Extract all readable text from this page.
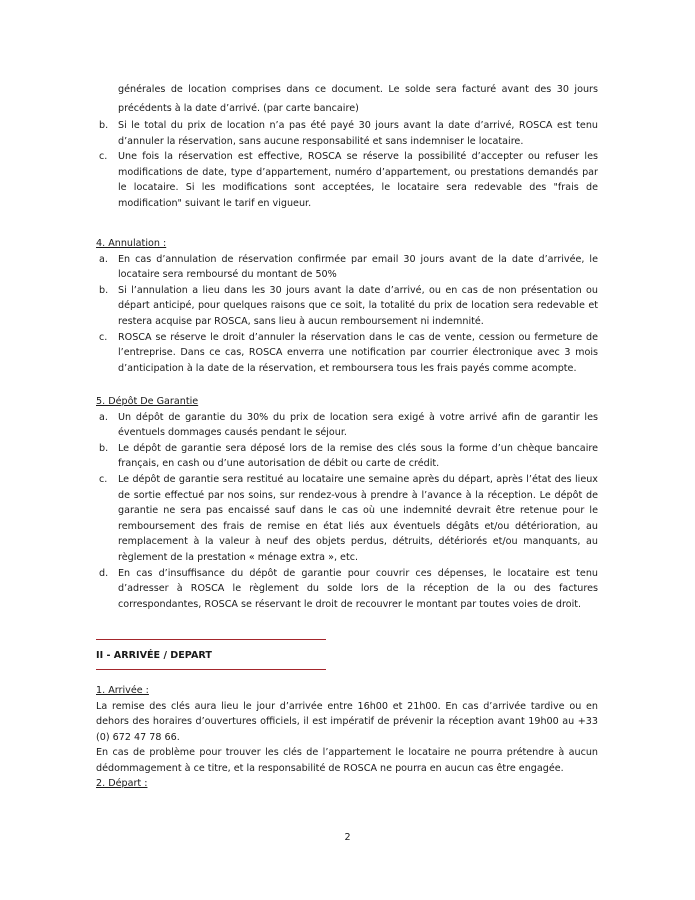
générales de location comprises dans ce document. Le solde sera facturé avant des 30 jours précédents à la date d’arrivé. (par carte bancaire)
b. Si le total du prix de location n’a pas été payé 30 jours avant la date d’arrivé, ROSCA est tenu d’annuler la réservation, sans aucune responsabilité et sans indemniser le locataire.
c. Une fois la réservation est effective, ROSCA se réserve la possibilité d’accepter ou refuser les modifications de date, type d’appartement, numéro d’appartement, ou prestations demandés par le locataire. Si les modifications sont acceptées, le locataire sera redevable des "frais de modification" suivant le tarif en vigueur.
4. Annulation :
a. En cas d’annulation de réservation confirmée par email 30 jours avant de la date d’arrivée, le locataire sera remboursé du montant de 50%
b. Si l’annulation a lieu dans les 30 jours avant la date d’arrivé, ou en cas de non présentation ou départ anticipé, pour quelques raisons que ce soit, la totalité du prix de location sera redevable et restera acquise par ROSCA, sans lieu à aucun remboursement ni indemnité.
c. ROSCA se réserve le droit d’annuler la réservation dans le cas de vente, cession ou fermeture de l’entreprise. Dans ce cas, ROSCA enverra une notification par courrier électronique avec 3 mois d’anticipation à la date de la réservation, et remboursera tous les frais payés comme acompte.
5. Dépôt De Garantie
a. Un dépôt de garantie du 30% du prix de location sera exigé à votre arrivé afin de garantir les éventuels dommages causés pendant le séjour.
b. Le dépôt de garantie sera déposé lors de la remise des clés sous la forme d’un chèque bancaire français, en cash ou d’une autorisation de débit ou carte de crédit.
c. Le dépôt de garantie sera restitué au locataire une semaine après du départ, après l’état des lieux de sortie effectué par nos soins, sur rendez-vous à prendre à l’avance à la réception. Le dépôt de garantie ne sera pas encaissé sauf dans le cas où une indemnité devrait être retenue pour le remboursement des frais de remise en état liés aux éventuels dégâts et/ou détérioration, au remplacement à la valeur à neuf des objets perdus, détruits, détériorés et/ou manquants, au règlement de la prestation « ménage extra », etc.
d. En cas d’insuffisance du dépôt de garantie pour couvrir ces dépenses, le locataire est tenu d’adresser à ROSCA le règlement du solde lors de la réception de la ou des factures correspondantes, ROSCA se réservant le droit de recouvrer le montant par toutes voies de droit.
II - ARRIVÉE / DEPART
1. Arrivée :
La remise des clés aura lieu le jour d’arrivée entre 16h00 et 21h00. En cas d’arrivée tardive ou en dehors des horaires d’ouvertures officiels, il est impératif de prévenir la réception avant 19h00 au +33 (0) 672 47 78 66.
En cas de problème pour trouver les clés de l’appartement le locataire ne pourra prétendre à aucun dédommagement à ce titre, et la responsabilité de ROSCA ne pourra en aucun cas être engagée.
2. Départ :
2
